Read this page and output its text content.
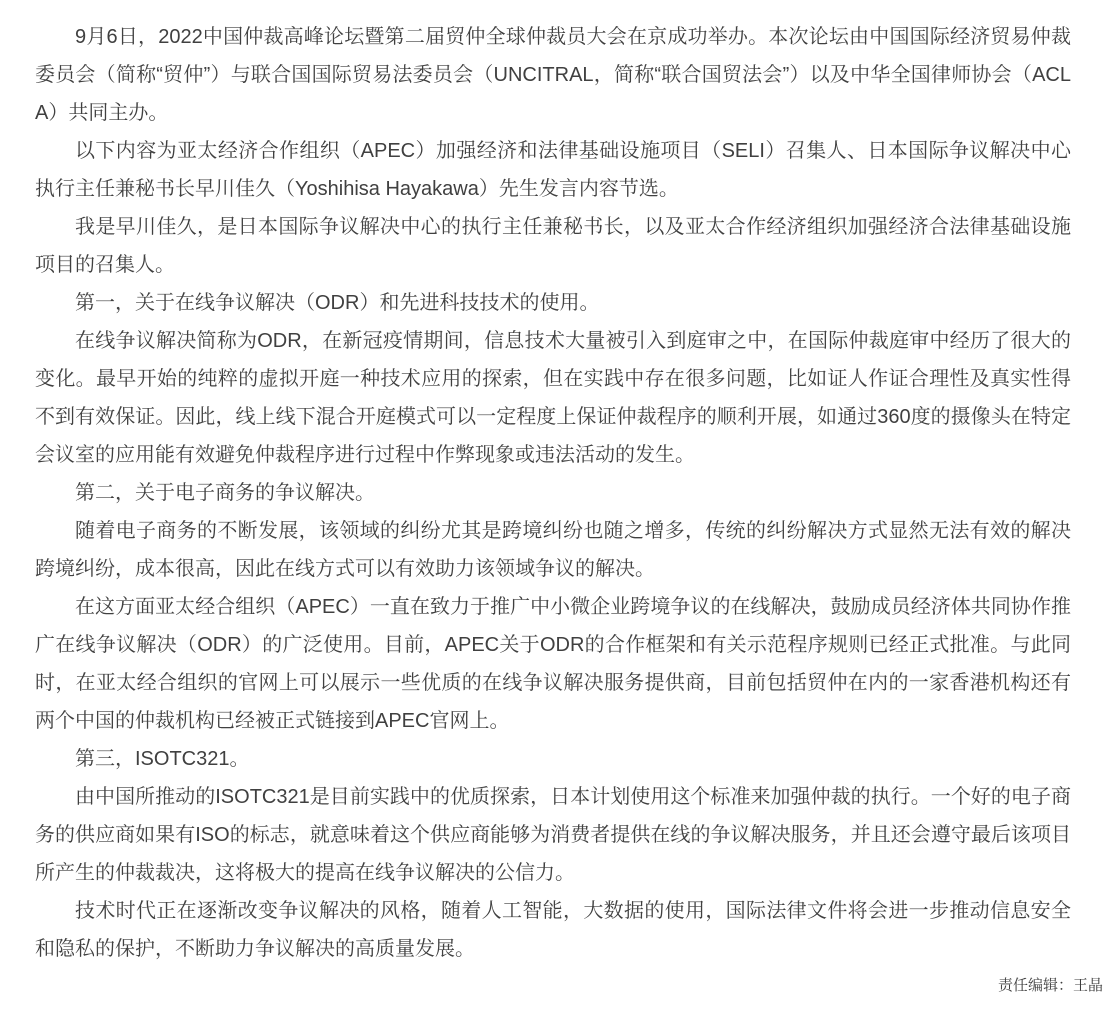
9月6日，2022中国仲裁高峰论坛暨第二届贸仲全球仲裁员大会在京成功举办。本次论坛由中国国际经济贸易仲裁委员会（简称“贸仲”）与联合国国际贸易法委员会（UNCITRAL，简称“联合国贸法会”）以及中华全国律师协会（ACLA）共同主办。

以下内容为亚太经济合作组织（APEC）加强经济和法律基础设施项目（SELI）召集人、日本国际争议解决中心执行主任兼秘书长早川佳久（Yoshihisa Hayakawa）先生发言内容节选。

我是早川佳久，是日本国际争议解决中心的执行主任兼秘书长，以及亚太合作经济组织加强经济合法律基础设施项目的召集人。

第一，关于在线争议解决（ODR）和先进科技技术的使用。

在线争议解决简称为ODR，在新冠疫情期间，信息技术大量被引入到庭审之中，在国际仲裁庭审中经历了很大的变化。最早开始的纯粹的虚拟开庭一种技术应用的探索，但在实践中存在很多问题，比如证人作证合理性及真实性得不到有效保证。因此，线上线下混合开庭模式可以一定程度上保证仲裁程序的顺利开展，如通过360度的摄像头在特定会议室的应用能有效避免仲裁程序进行过程中作弊现象或违法活动的发生。

第二，关于电子商务的争议解决。

随着电子商务的不断发展，该领域的纠纷尤其是跨境纠纷也随之增多，传统的纠纷解决方式显然无法有效的解决跨境纠纷，成本很高，因此在线方式可以有效助力该领域争议的解决。

在这方面亚太经合组织（APEC）一直在致力于推广中小微企业跨境争议的在线解决，鼓励成员经济体共同协作推广在线争议解决（ODR）的广泛使用。目前，APEC关于ODR的合作框架和有关示范程序规则已经正式批准。与此同时，在亚太经合组织的官网上可以展示一些优质的在线争议解决服务提供商，目前包括贸仲在内的一家香港机构还有两个中国的仲裁机构已经被正式链接到APEC官网上。

第三，ISOTC321。

由中国所推动的ISOTC321是目前实践中的优质探索，日本计划使用这个标准来加强仲裁的执行。一个好的电子商务的供应商如果有ISO的标志，就意味着这个供应商能够为消费者提供在线的争议解决服务，并且还会遵守最后该项目所产生的仲裁裁决，这将极大的提高在线争议解决的公信力。

技术时代正在逐渐改变争议解决的风格，随着人工智能，大数据的使用，国际法律文件将会进一步推动信息安全和隐私的保护，不断助力争议解决的高质量发展。

责任编辑：王晶
